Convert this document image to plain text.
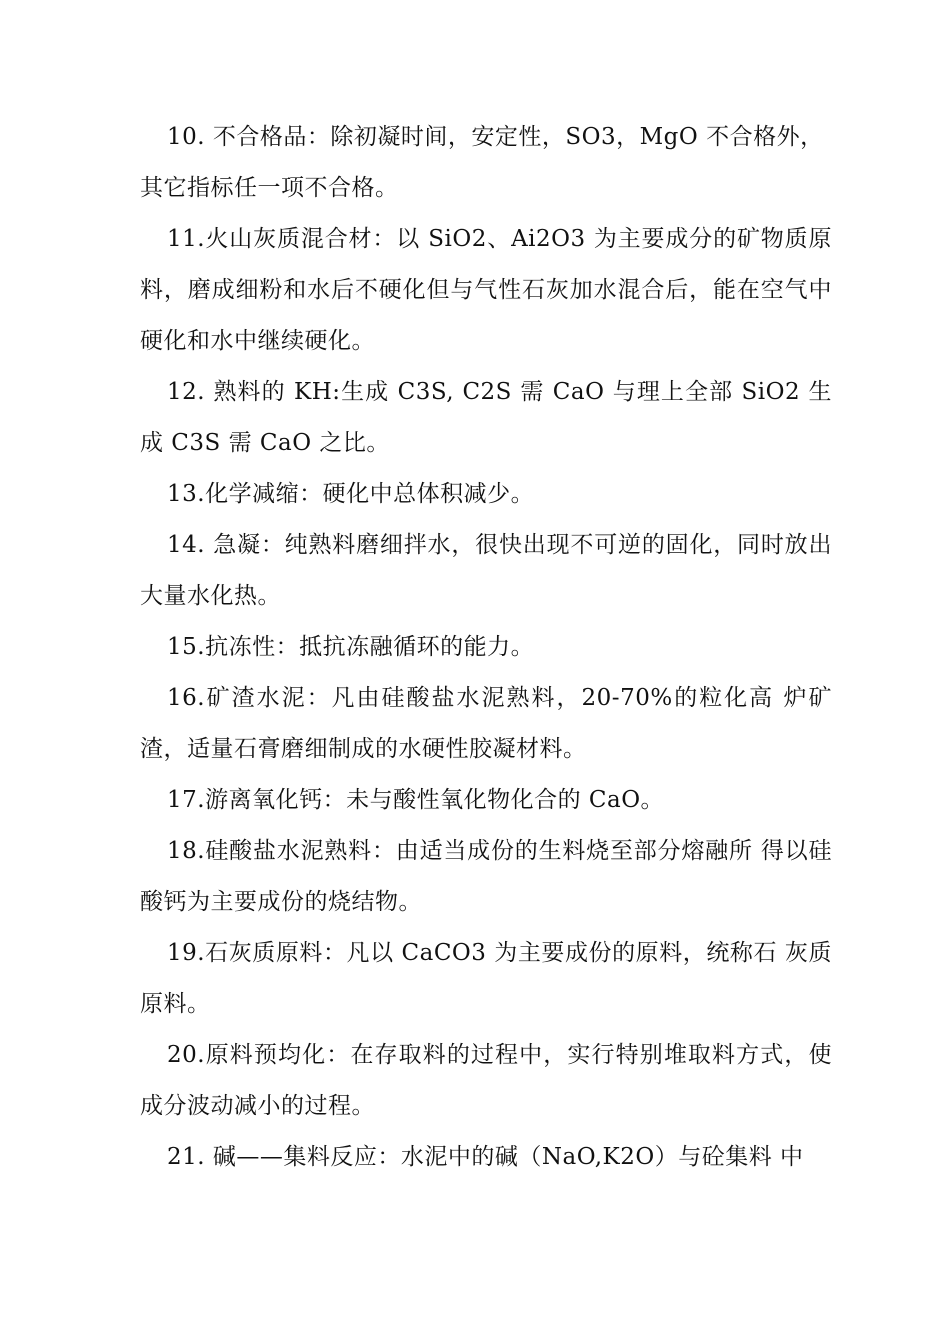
10. 不合格品：除初凝时间，安定性，SO3，MgO 不合格外，

其它指标任一项不合格。

11.火山灰质混合材：以 SiO2、Ai2O3 为主要成分的矿物质原料，磨成细粉和水后不硬化但与气性石灰加水混合后，能在空气中硬化和水中继续硬化。

12. 熟料的 KH:生成 C3S, C2S 需 CaO 与理上全部 SiO2 生 成 C3S 需 CaO 之比。

13.化学减缩：硬化中总体积减少。

14. 急凝：纯熟料磨细拌水，很快出现不可逆的固化，同时放出大量水化热。

15.抗冻性：抵抗冻融循环的能力。

16.矿渣水泥：凡由硅酸盐水泥熟料，20-70%的粒化高 炉矿渣，适量石膏磨细制成的水硬性胶凝材料。

17.游离氧化钙：未与酸性氧化物化合的 CaO。

18.硅酸盐水泥熟料：由适当成份的生料烧至部分熔融所 得以硅酸钙为主要成份的烧结物。

19.石灰质原料：凡以 CaCO3 为主要成份的原料，统称石 灰质原料。

20.原料预均化：在存取料的过程中，实行特别堆取料方式，使成分波动减小的过程。

21. 碱——集料反应：水泥中的碱（NaO,K2O）与砼集料 中
